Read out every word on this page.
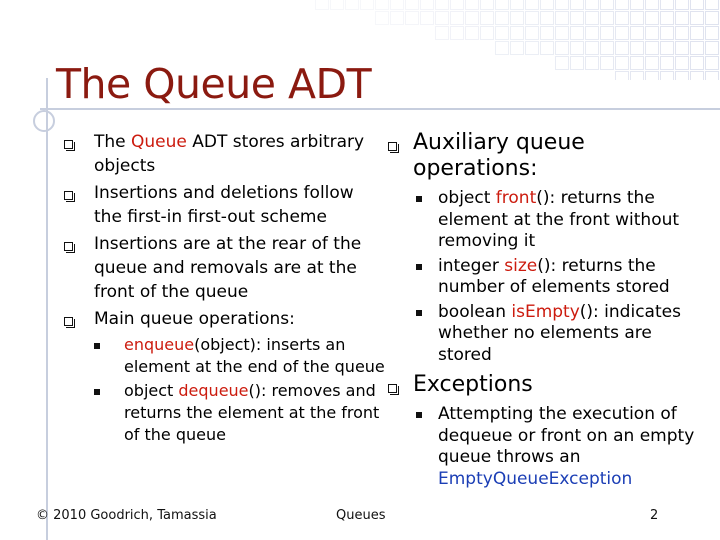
The Queue ADT
The Queue ADT stores arbitrary objects
Insertions and deletions follow the first-in first-out scheme
Insertions are at the rear of the queue and removals are at the front of the queue
Main queue operations:
enqueue(object): inserts an element at the end of the queue
object dequeue(): removes and returns the element at the front of the queue
Auxiliary queue operations:
object front(): returns the element at the front without removing it
integer size(): returns the number of elements stored
boolean isEmpty(): indicates whether no elements are stored
Exceptions
Attempting the execution of dequeue or front on an empty queue throws an EmptyQueueException
© 2010 Goodrich, Tamassia	Queues	2
